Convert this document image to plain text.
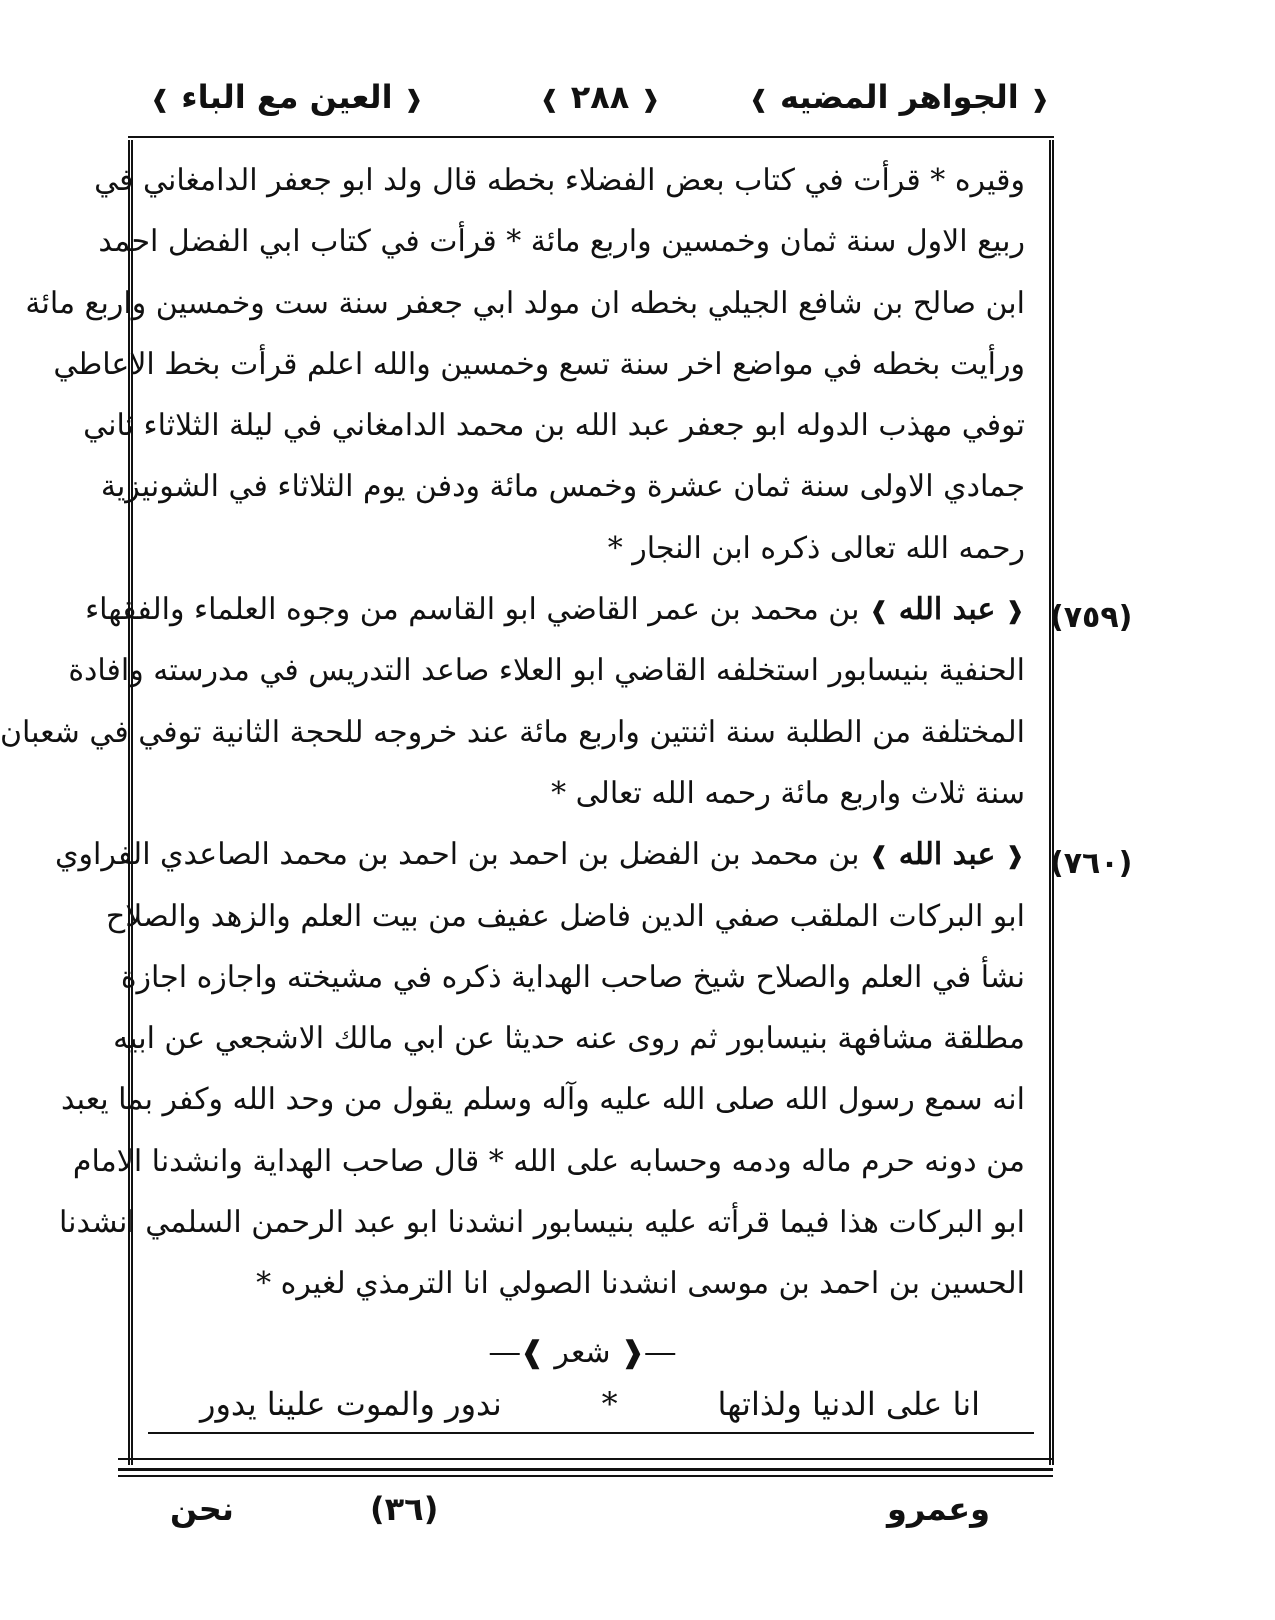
❰ الجواهر المضيه ❱
❰ ٢٨٨ ❱
❰ العين مع الباء ❱
وقيره * قرأت في كتاب بعض الفضلاء بخطه قال ولد ابو جعفر الدامغاني في
ربيع الاول سنة ثمان وخمسين واربع مائة * قرأت في كتاب ابي الفضل احمد
ابن صالح بن شافع الجيلي بخطه ان مولد ابي جعفر سنة ست وخمسين واربع مائة
ورأيت بخطه في مواضع اخر سنة تسع وخمسين والله اعلم قرأت بخط الاعاطي
توفي مهذب الدوله ابو جعفر عبد الله بن محمد الدامغاني في ليلة الثلاثاء ثاني
جمادي الاولى سنة ثمان عشرة وخمس مائة ودفن يوم الثلاثاء في الشونيزية
رحمه الله تعالى ذكره ابن النجار *
❰ عبد الله ❱ بن محمد بن عمر القاضي ابو القاسم من وجوه العلماء والفقهاء
الحنفية بنيسابور استخلفه القاضي ابو العلاء صاعد التدريس في مدرسته وافادة
المختلفة من الطلبة سنة اثنتين واربع مائة عند خروجه للحجة الثانية توفي في شعبان
سنة ثلاث واربع مائة رحمه الله تعالى *
❰ عبد الله ❱ بن محمد بن الفضل بن احمد بن احمد بن محمد الصاعدي الفراوي
ابو البركات الملقب صفي الدين فاضل عفيف من بيت العلم والزهد والصلاح
نشأ في العلم والصلاح شيخ صاحب الهداية ذكره في مشيخته واجازه اجازة
مطلقة مشافهة بنيسابور ثم روى عنه حديثا عن ابي مالك الاشجعي عن ابيه
انه سمع رسول الله صلى الله عليه وآله وسلم يقول من وحد الله وكفر بما يعبد
من دونه حرم ماله ودمه وحسابه على الله * قال صاحب الهداية وانشدنا الامام
ابو البركات هذا فيما قرأته عليه بنيسابور انشدنا ابو عبد الرحمن السلمي انشدنا
الحسين بن احمد بن موسى انشدنا الصولي انا الترمذي لغيره *
(٧٥٩)
(٧٦٠)
―❰ شعر ❱―
انا على الدنيا ولذاتها
*
ندور والموت علينا يدور
وعمرو
(٣٦)
نحن
